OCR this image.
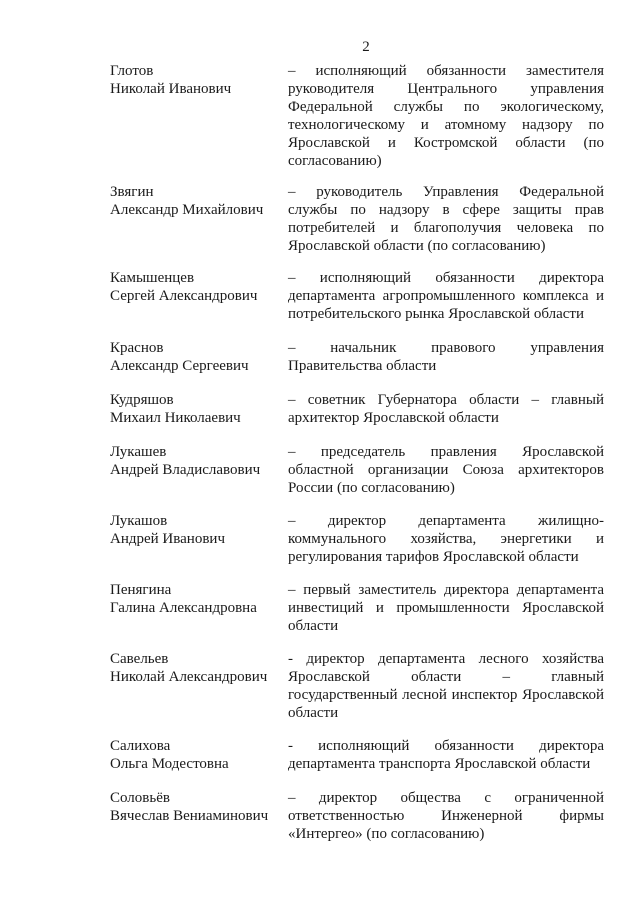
2
Глотов
Николай Иванович
– исполняющий обязанности заместителя руководителя Центрального управления Федеральной службы по экологическому, технологическому и атомному надзору по Ярославской и Костромской области (по согласованию)
Звягин
Александр Михайлович
– руководитель Управления Федеральной службы по надзору в сфере защиты прав потребителей и благополучия человека по Ярославской области (по согласованию)
Камышенцев
Сергей Александрович
– исполняющий обязанности директора департамента агропромышленного комплекса и потребительского рынка Ярославской области
Краснов
Александр Сергеевич
– начальник правового управления Правительства области
Кудряшов
Михаил Николаевич
– советник Губернатора области – главный архитектор Ярославской области
Лукашев
Андрей Владиславович
– председатель правления Ярославской областной организации Союза архитекторов России (по согласованию)
Лукашов
Андрей Иванович
– директор департамента жилищно-коммунального хозяйства, энергетики и регулирования тарифов Ярославской области
Пенягина
Галина Александровна
– первый заместитель директора департамента инвестиций и промышленности Ярославской области
Савельев
Николай Александрович
- директор департамента лесного хозяйства Ярославской области – главный государственный лесной инспектор Ярославской области
Салихова
Ольга Модестовна
- исполняющий обязанности директора департамента транспорта Ярославской области
Соловьёв
Вячеслав Вениаминович
– директор общества с ограниченной ответственностью Инженерной фирмы «Интергео» (по согласованию)
